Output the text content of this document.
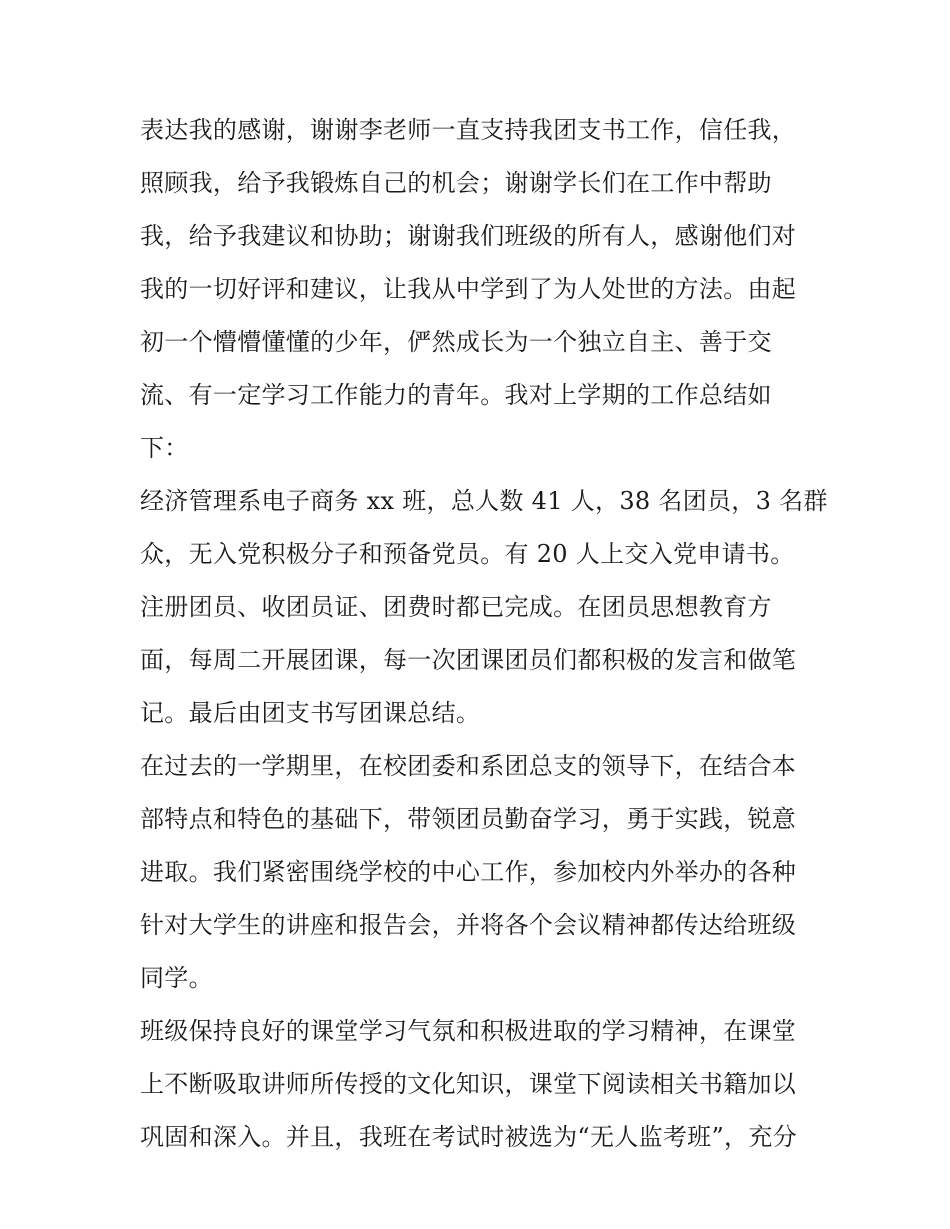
表达我的感谢，谢谢李老师一直支持我团支书工作，信任我，
照顾我，给予我锻炼自己的机会；谢谢学长们在工作中帮助
我，给予我建议和协助；谢谢我们班级的所有人，感谢他们对
我的一切好评和建议，让我从中学到了为人处世的方法。由起
初一个懵懵懂懂的少年，俨然成长为一个独立自主、善于交
流、有一定学习工作能力的青年。我对上学期的工作总结如
下：
经济管理系电子商务 xx 班，总人数 41 人，38 名团员，3 名群
众，无入党积极分子和预备党员。有 20 人上交入党申请书。
注册团员、收团员证、团费时都已完成。在团员思想教育方
面，每周二开展团课，每一次团课团员们都积极的发言和做笔
记。最后由团支书写团课总结。
在过去的一学期里，在校团委和系团总支的领导下，在结合本
部特点和特色的基础下，带领团员勤奋学习，勇于实践，锐意
进取。我们紧密围绕学校的中心工作，参加校内外举办的各种
针对大学生的讲座和报告会，并将各个会议精神都传达给班级
同学。
班级保持良好的课堂学习气氛和积极进取的学习精神，在课堂
上不断吸取讲师所传授的文化知识，课堂下阅读相关书籍加以
巩固和深入。并且，我班在考试时被选为“无人监考班”，充分
